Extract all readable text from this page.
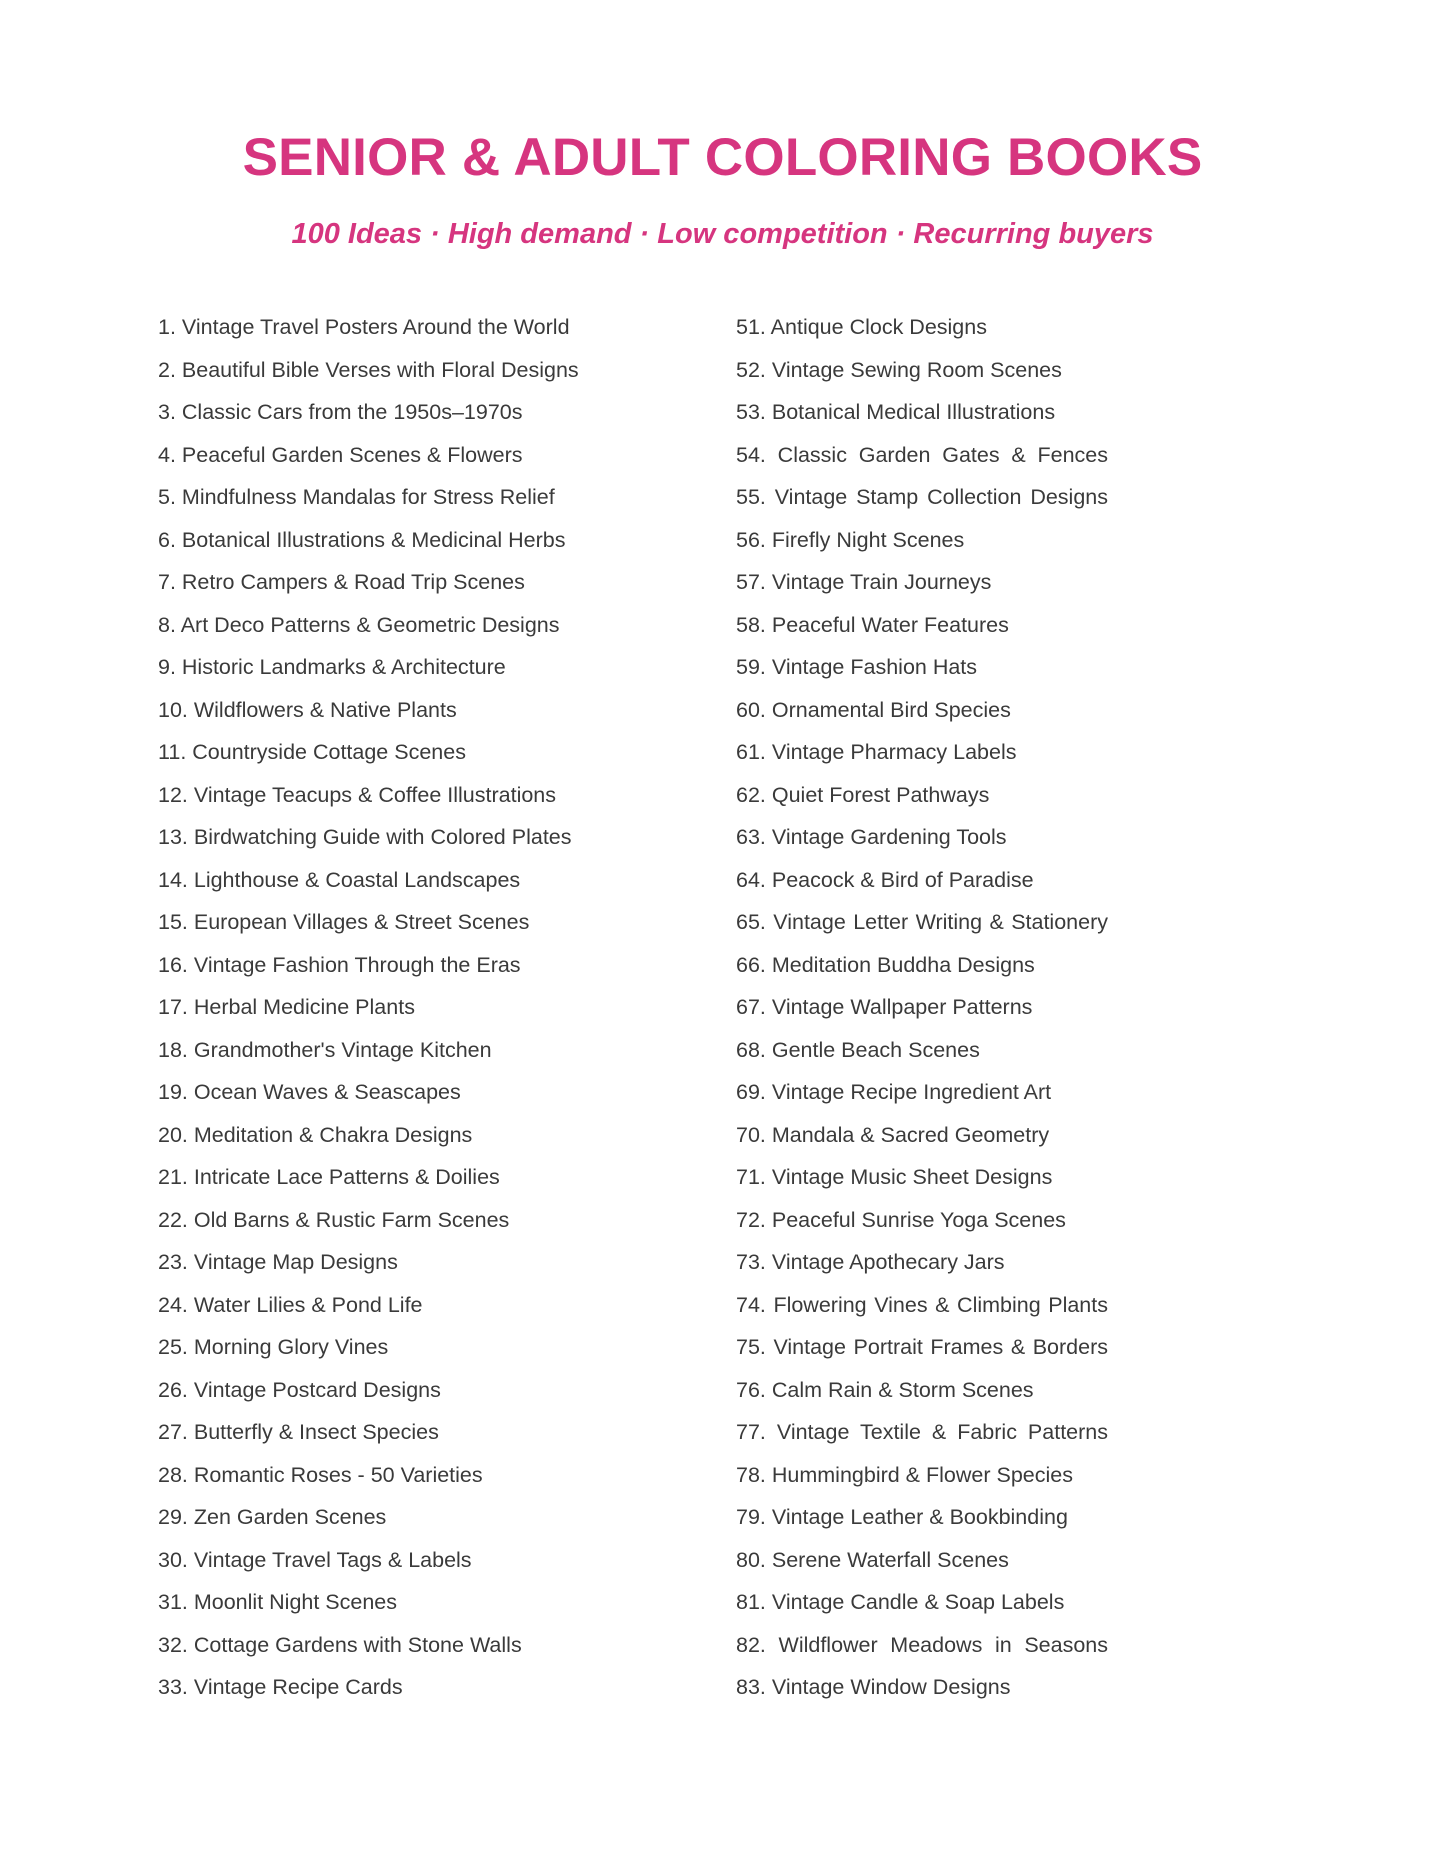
SENIOR & ADULT COLORING BOOKS
100 Ideas · High demand · Low competition · Recurring buyers
1. Vintage Travel Posters Around the World
2. Beautiful Bible Verses with Floral Designs
3. Classic Cars from the 1950s–1970s
4. Peaceful Garden Scenes & Flowers
5. Mindfulness Mandalas for Stress Relief
6. Botanical Illustrations & Medicinal Herbs
7. Retro Campers & Road Trip Scenes
8. Art Deco Patterns & Geometric Designs
9. Historic Landmarks & Architecture
10. Wildflowers & Native Plants
11. Countryside Cottage Scenes
12. Vintage Teacups & Coffee Illustrations
13. Birdwatching Guide with Colored Plates
14. Lighthouse & Coastal Landscapes
15. European Villages & Street Scenes
16. Vintage Fashion Through the Eras
17. Herbal Medicine Plants
18. Grandmother's Vintage Kitchen
19. Ocean Waves & Seascapes
20. Meditation & Chakra Designs
21. Intricate Lace Patterns & Doilies
22. Old Barns & Rustic Farm Scenes
23. Vintage Map Designs
24. Water Lilies & Pond Life
25. Morning Glory Vines
26. Vintage Postcard Designs
27. Butterfly & Insect Species
28. Romantic Roses - 50 Varieties
29. Zen Garden Scenes
30. Vintage Travel Tags & Labels
31. Moonlit Night Scenes
32. Cottage Gardens with Stone Walls
33. Vintage Recipe Cards
51. Antique Clock Designs
52. Vintage Sewing Room Scenes
53. Botanical Medical Illustrations
54. Classic Garden Gates & Fences
55. Vintage Stamp Collection Designs
56. Firefly Night Scenes
57. Vintage Train Journeys
58. Peaceful Water Features
59. Vintage Fashion Hats
60. Ornamental Bird Species
61. Vintage Pharmacy Labels
62. Quiet Forest Pathways
63. Vintage Gardening Tools
64. Peacock & Bird of Paradise
65. Vintage Letter Writing & Stationery
66. Meditation Buddha Designs
67. Vintage Wallpaper Patterns
68. Gentle Beach Scenes
69. Vintage Recipe Ingredient Art
70. Mandala & Sacred Geometry
71. Vintage Music Sheet Designs
72. Peaceful Sunrise Yoga Scenes
73. Vintage Apothecary Jars
74. Flowering Vines & Climbing Plants
75. Vintage Portrait Frames & Borders
76. Calm Rain & Storm Scenes
77. Vintage Textile & Fabric Patterns
78. Hummingbird & Flower Species
79. Vintage Leather & Bookbinding
80. Serene Waterfall Scenes
81. Vintage Candle & Soap Labels
82. Wildflower Meadows in Seasons
83. Vintage Window Designs
